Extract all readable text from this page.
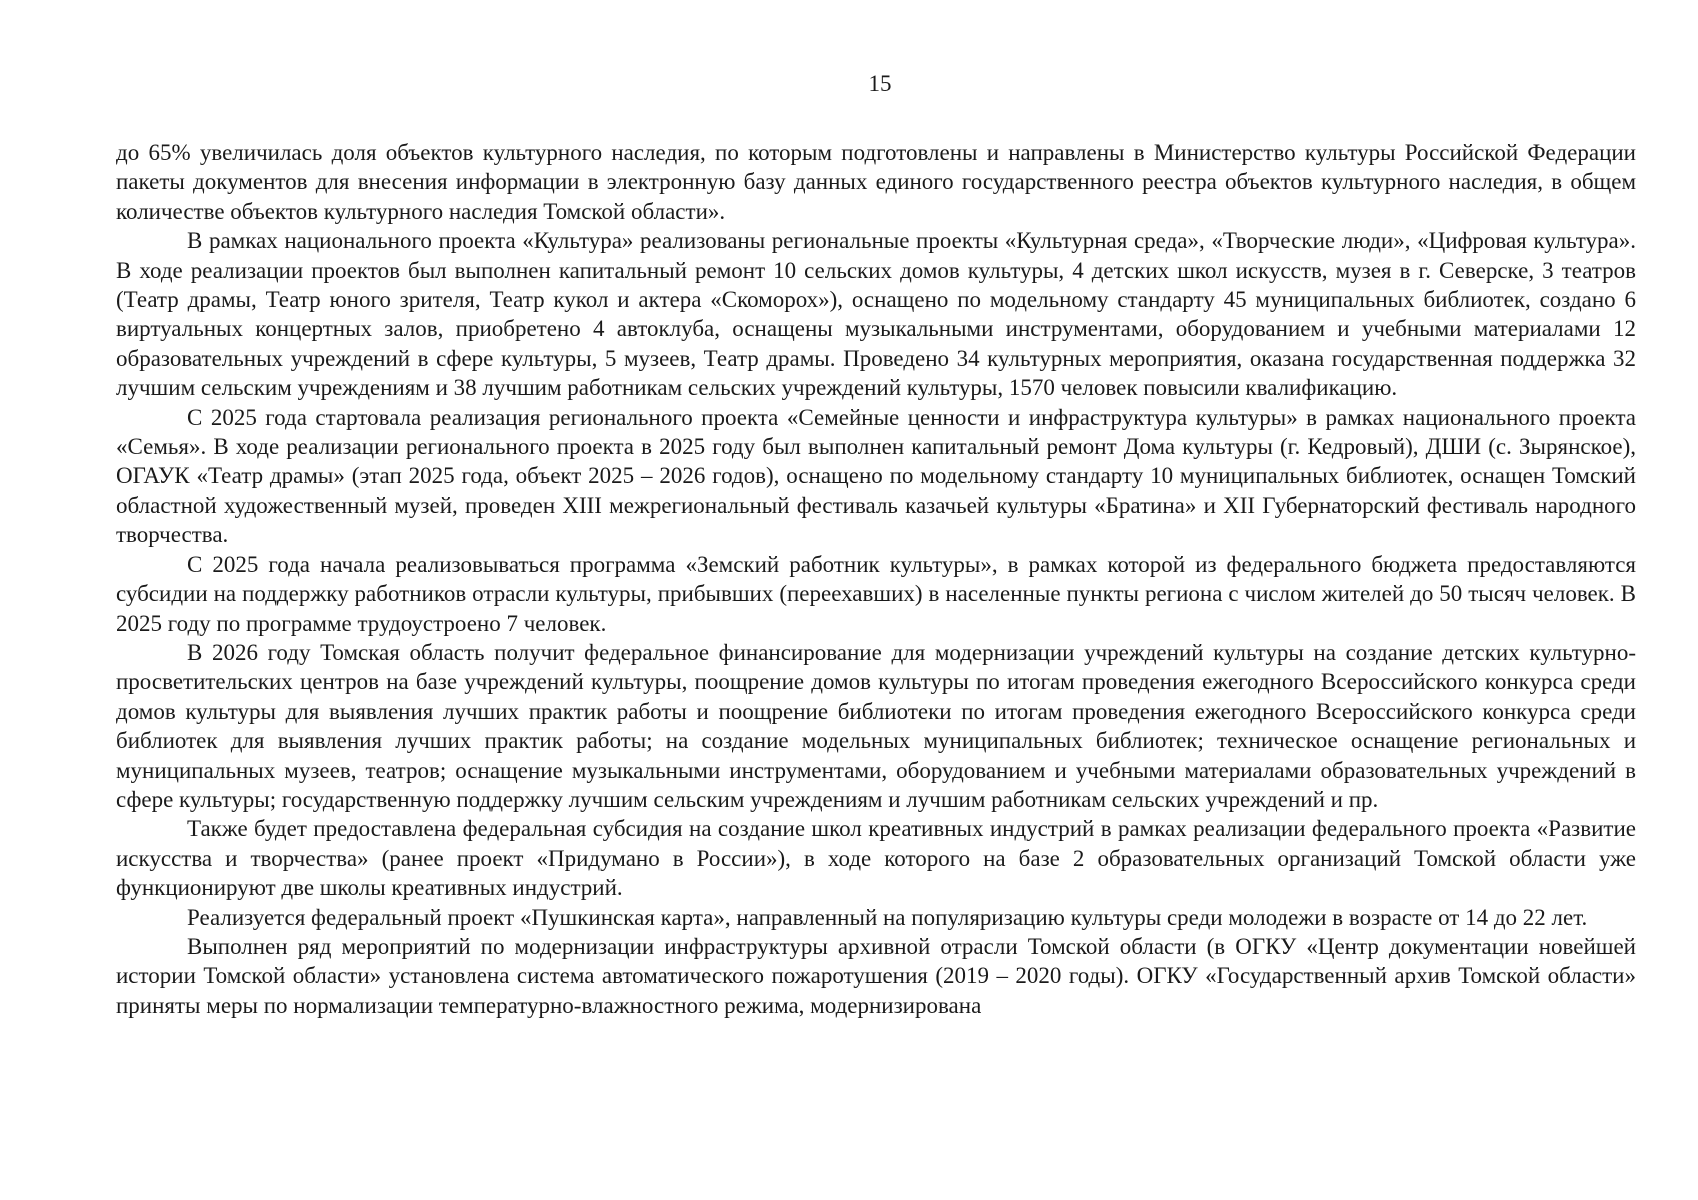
15

до 65% увеличилась доля объектов культурного наследия, по которым подготовлены и направлены в Министерство культуры Российской Федерации пакеты документов для внесения информации в электронную базу данных единого государственного реестра объектов культурного наследия, в общем количестве объектов культурного наследия Томской области».

В рамках национального проекта «Культура» реализованы региональные проекты «Культурная среда», «Творческие люди», «Цифровая культура». В ходе реализации проектов был выполнен капитальный ремонт 10 сельских домов культуры, 4 детских школ искусств, музея в г. Северске, 3 театров (Театр драмы, Театр юного зрителя, Театр кукол и актера «Скоморох»), оснащено по модельному стандарту 45 муниципальных библиотек, создано 6 виртуальных концертных залов, приобретено 4 автоклуба, оснащены музыкальными инструментами, оборудованием и учебными материалами 12 образовательных учреждений в сфере культуры, 5 музеев, Театр драмы. Проведено 34 культурных мероприятия, оказана государственная поддержка 32 лучшим сельским учреждениям и 38 лучшим работникам сельских учреждений культуры, 1570 человек повысили квалификацию.

С 2025 года стартовала реализация регионального проекта «Семейные ценности и инфраструктура культуры» в рамках национального проекта «Семья». В ходе реализации регионального проекта в 2025 году был выполнен капитальный ремонт Дома культуры (г. Кедровый), ДШИ (с. Зырянское), ОГАУК «Театр драмы» (этап 2025 года, объект 2025 – 2026 годов), оснащено по модельному стандарту 10 муниципальных библиотек, оснащен Томский областной художественный музей, проведен XIII межрегиональный фестиваль казачьей культуры «Братина» и XII Губернаторский фестиваль народного творчества.

С 2025 года начала реализовываться программа «Земский работник культуры», в рамках которой из федерального бюджета предоставляются субсидии на поддержку работников отрасли культуры, прибывших (переехавших) в населенные пункты региона с числом жителей до 50 тысяч человек. В 2025 году по программе трудоустроено 7 человек.

В 2026 году Томская область получит федеральное финансирование для модернизации учреждений культуры на создание детских культурно-просветительских центров на базе учреждений культуры, поощрение домов культуры по итогам проведения ежегодного Всероссийского конкурса среди домов культуры для выявления лучших практик работы и поощрение библиотеки по итогам проведения ежегодного Всероссийского конкурса среди библиотек для выявления лучших практик работы; на создание модельных муниципальных библиотек; техническое оснащение региональных и муниципальных музеев, театров; оснащение музыкальными инструментами, оборудованием и учебными материалами образовательных учреждений в сфере культуры; государственную поддержку лучшим сельским учреждениям и лучшим работникам сельских учреждений и пр.

Также будет предоставлена федеральная субсидия на создание школ креативных индустрий в рамках реализации федерального проекта «Развитие искусства и творчества» (ранее проект «Придумано в России»), в ходе которого на базе 2 образовательных организаций Томской области уже функционируют две школы креативных индустрий.

Реализуется федеральный проект «Пушкинская карта», направленный на популяризацию культуры среди молодежи в возрасте от 14 до 22 лет.

Выполнен ряд мероприятий по модернизации инфраструктуры архивной отрасли Томской области (в ОГКУ «Центр документации новейшей истории Томской области» установлена система автоматического пожаротушения (2019 – 2020 годы). ОГКУ «Государственный архив Томской области» приняты меры по нормализации температурно-влажностного режима, модернизирована
